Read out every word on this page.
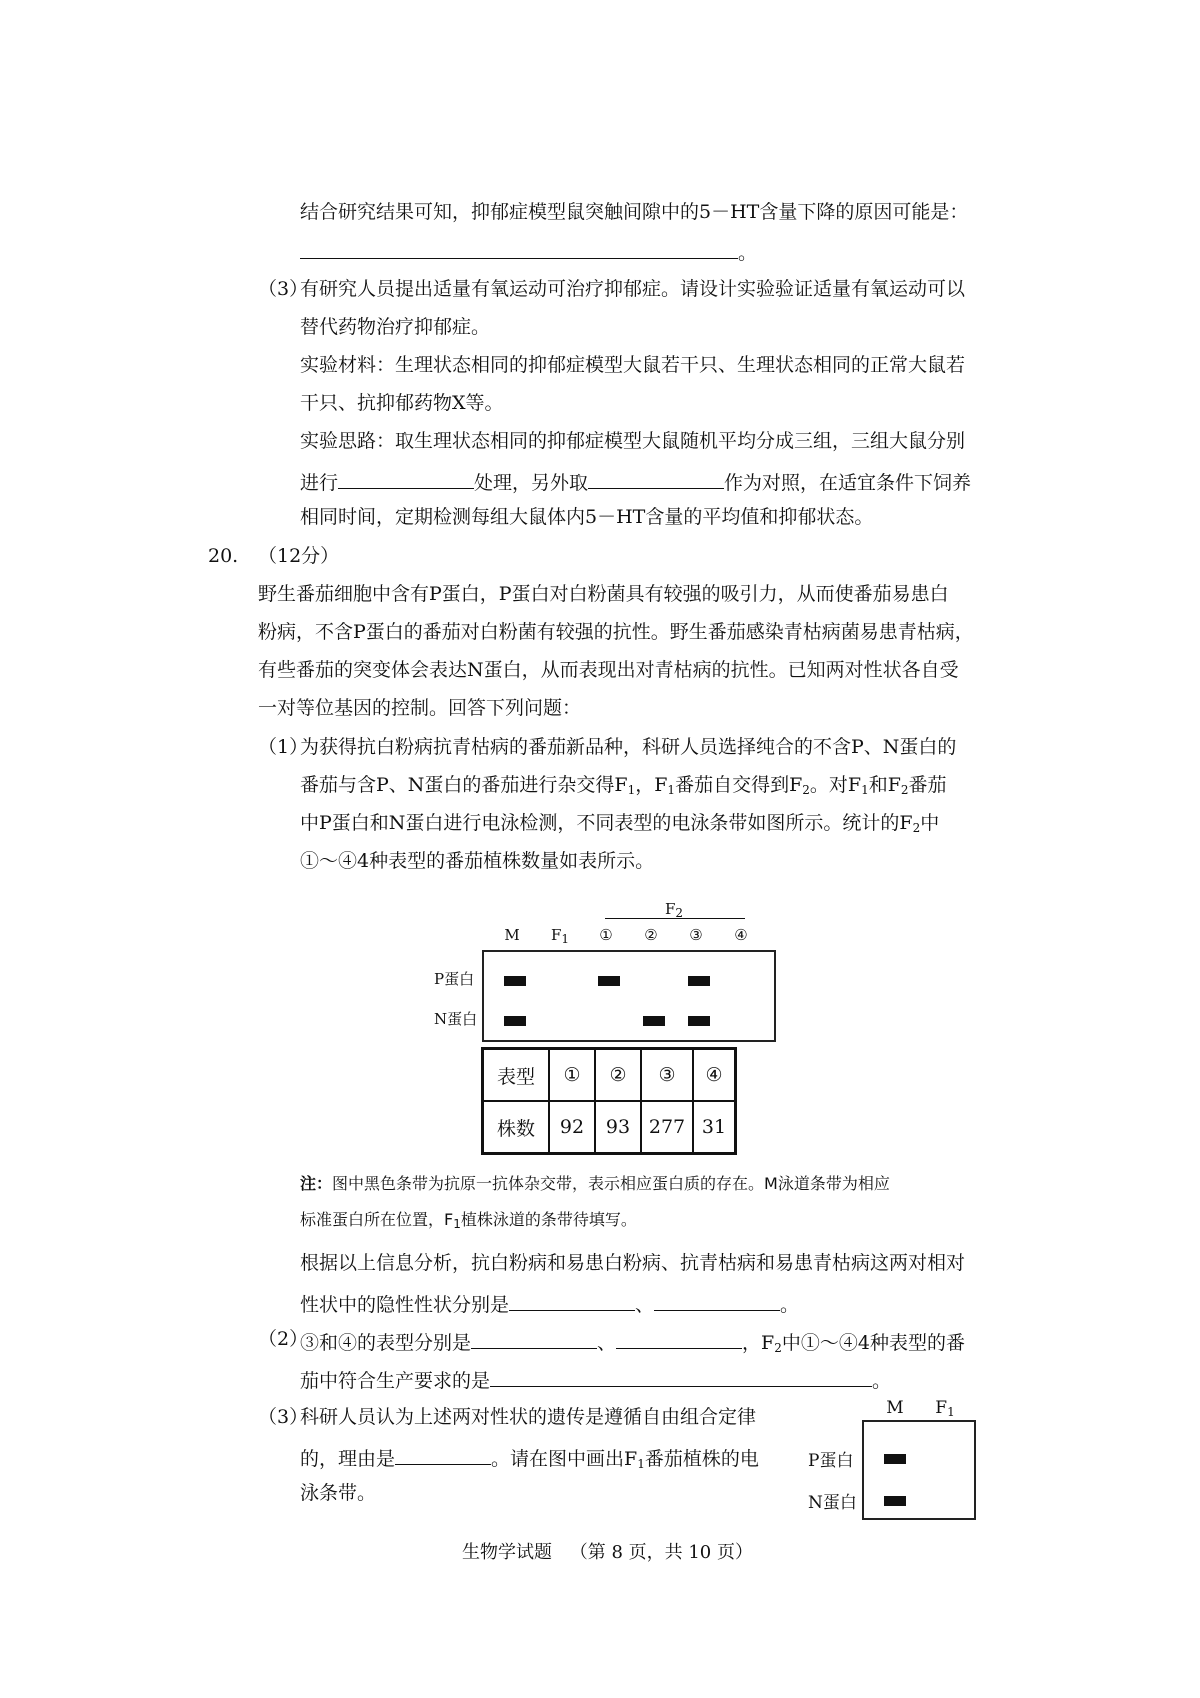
结合研究结果可知，抑郁症模型鼠突触间隙中的5－HT含量下降的原因可能是：
。
（3）
有研究人员提出适量有氧运动可治疗抑郁症。请设计实验验证适量有氧运动可以
替代药物治疗抑郁症。
实验材料：生理状态相同的抑郁症模型大鼠若干只、生理状态相同的正常大鼠若
干只、抗抑郁药物X等。
实验思路：取生理状态相同的抑郁症模型大鼠随机平均分成三组，三组大鼠分别
进行	处理，另外取	作为对照，在适宜条件下饲养
相同时间，定期检测每组大鼠体内5－HT含量的平均值和抑郁状态。
20. （12分）
野生番茄细胞中含有P蛋白，P蛋白对白粉菌具有较强的吸引力，从而使番茄易患白
粉病，不含P蛋白的番茄对白粉菌有较强的抗性。野生番茄感染青枯病菌易患青枯病，
有些番茄的突变体会表达N蛋白，从而表现出对青枯病的抗性。已知两对性状各自受
一对等位基因的控制。回答下列问题：
（1）
为获得抗白粉病抗青枯病的番茄新品种，科研人员选择纯合的不含P、N蛋白的
番茄与含P、N蛋白的番茄进行杂交得$F_1$，$F_1$番茄自交得到$F_2$。对$F_1$和$F_2$番茄
中P蛋白和N蛋白进行电泳检测，不同表型的电泳条带如图所示。统计的$F_2$中
①～④4种表型的番茄植株数量如表所示。
$F_2$
M	$F_1$	①	②	③	④
P蛋白
N蛋白
表型	①	②	③	④
株数	92	93	277	31
注：图中黑色条带为抗原一抗体杂交带，表示相应蛋白质的存在。M泳道条带为相应
标准蛋白所在位置，$F_1$植株泳道的条带待填写。
根据以上信息分析，抗白粉病和易患白粉病、抗青枯病和易患青枯病这两对相对
性状中的隐性性状分别是	、	。
（2）
③和④的表型分别是	、	，$F_2$中①～④4种表型的番
茄中符合生产要求的是	。
（3）
科研人员认为上述两对性状的遗传是遵循自由组合定律
的，理由是	。请在图中画出$F_1$番茄植株的电
泳条带。
M	$F_1$
P蛋白
N蛋白
生物学试题 （第 8 页，共 10 页）
